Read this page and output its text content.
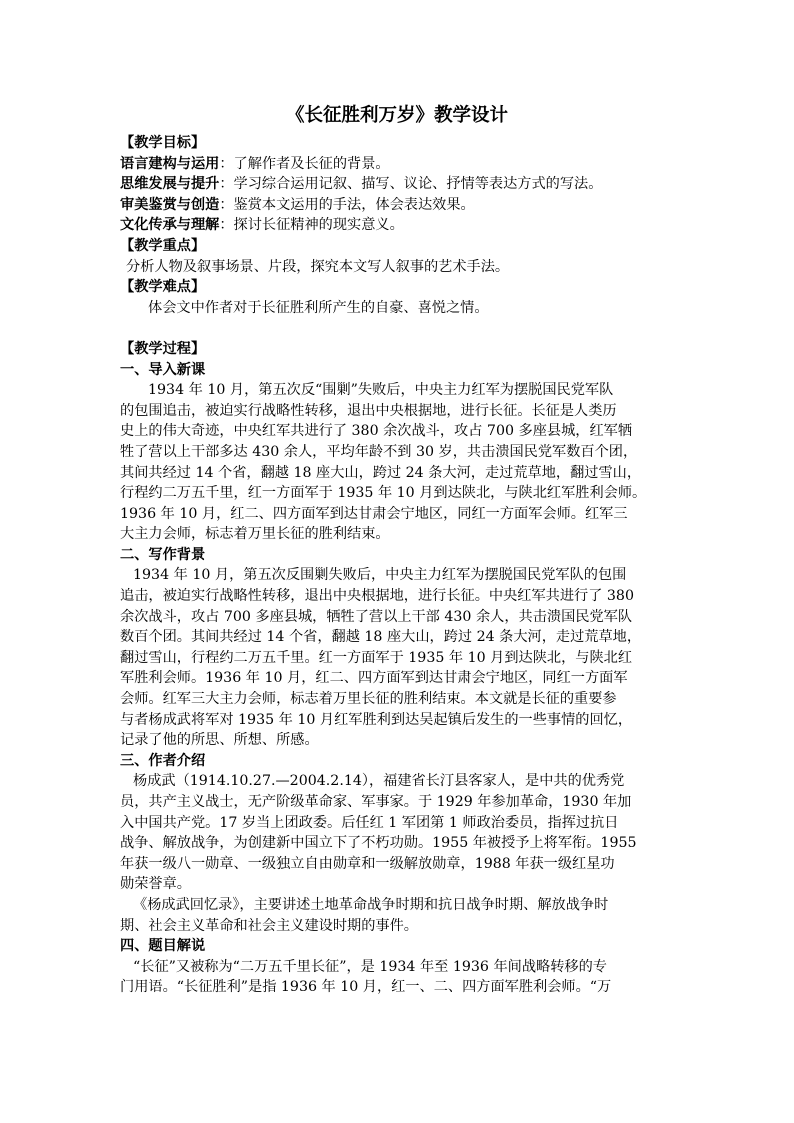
《长征胜利万岁》教学设计
【教学目标】
语言建构与运用：了解作者及长征的背景。
思维发展与提升：学习综合运用记叙、描写、议论、抒情等表达方式的写法。
审美鉴赏与创造：鉴赏本文运用的手法，体会表达效果。
文化传承与理解：探讨长征精神的现实意义。
【教学重点】
分析人物及叙事场景、片段，探究本文写人叙事的艺术手法。
【教学难点】
体会文中作者对于长征胜利所产生的自豪、喜悦之情。
【教学过程】
一、导入新课
1934 年 10 月，第五次反“围剿”失败后，中央主力红军为摆脱国民党军队
的包围追击，被迫实行战略性转移，退出中央根据地，进行长征。长征是人类历
史上的伟大奇迹，中央红军共进行了 380 余次战斗，攻占 700 多座县城，红军牺
牲了营以上干部多达 430 余人，平均年龄不到 30 岁，共击溃国民党军数百个团，
其间共经过 14 个省，翻越 18 座大山，跨过 24 条大河，走过荒草地，翻过雪山，
行程约二万五千里，红一方面军于 1935 年 10 月到达陕北，与陕北红军胜利会师。
1936 年 10 月，红二、四方面军到达甘肃会宁地区，同红一方面军会师。红军三
大主力会师，标志着万里长征的胜利结束。
二、写作背景
1934 年 10 月，第五次反围剿失败后，中央主力红军为摆脱国民党军队的包围
追击，被迫实行战略性转移，退出中央根据地，进行长征。中央红军共进行了 380
余次战斗，攻占 700 多座县城，牺牲了营以上干部 430 余人，共击溃国民党军队
数百个团。其间共经过 14 个省，翻越 18 座大山，跨过 24 条大河，走过荒草地，
翻过雪山，行程约二万五千里。红一方面军于 1935 年 10 月到达陕北，与陕北红
军胜利会师。1936 年 10 月，红二、四方面军到达甘肃会宁地区，同红一方面军
会师。红军三大主力会师，标志着万里长征的胜利结束。本文就是长征的重要参
与者杨成武将军对 1935 年 10 月红军胜利到达吴起镇后发生的一些事情的回忆，
记录了他的所思、所想、所感。
三、作者介绍
杨成武（1914.10.27.—2004.2.14），福建省长汀县客家人，是中共的优秀党
员，共产主义战士，无产阶级革命家、军事家。于 1929 年参加革命，1930 年加
入中国共产党。17 岁当上团政委。后任红 1 军团第 1 师政治委员，指挥过抗日
战争、解放战争，为创建新中国立下了不朽功勋。1955 年被授予上将军衔。1955
年获一级八一勋章、一级独立自由勋章和一级解放勋章，1988 年获一级红星功
勋荣誉章。
《杨成武回忆录》，主要讲述土地革命战争时期和抗日战争时期、解放战争时
期、社会主义革命和社会主义建设时期的事件。
四、题目解说
“长征”又被称为“二万五千里长征”，是 1934 年至 1936 年间战略转移的专
门用语。“长征胜利”是指 1936 年 10 月，红一、二、四方面军胜利会师。“万
